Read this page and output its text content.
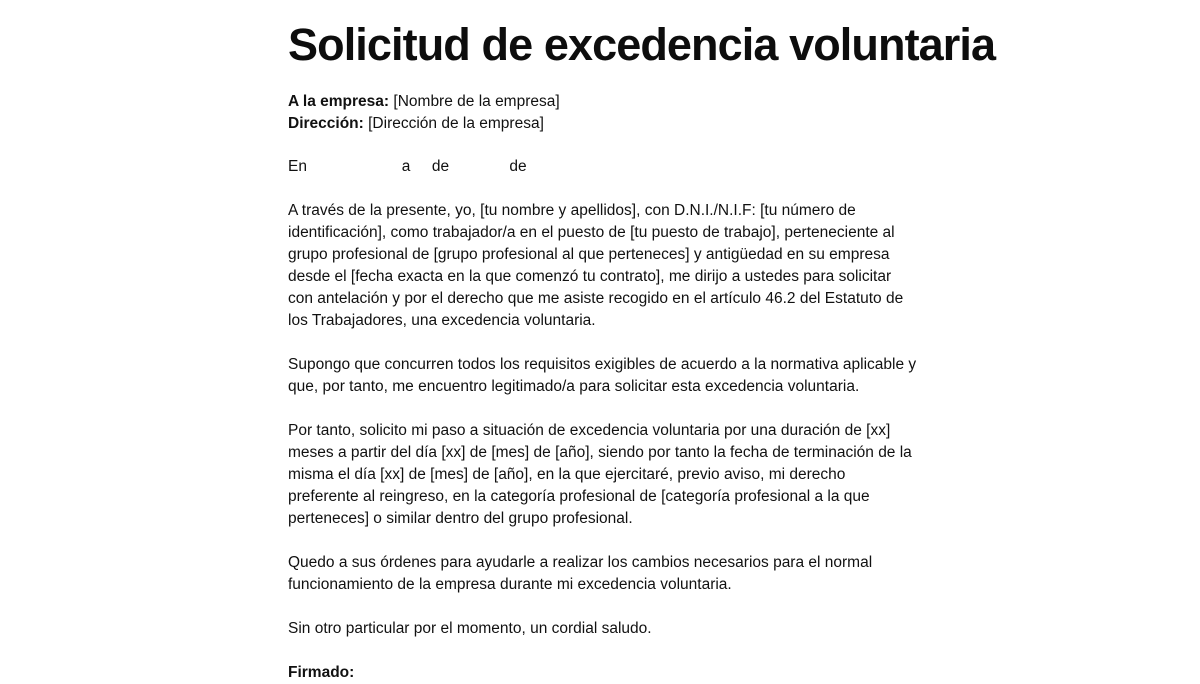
Solicitud de excedencia voluntaria
A la empresa: [Nombre de la empresa]
Dirección: [Dirección de la empresa]
En                      a     de              de

A través de la presente, yo, [tu nombre y apellidos], con D.N.I./N.I.F: [tu número de identificación], como trabajador/a en el puesto de [tu puesto de trabajo], perteneciente al grupo profesional de [grupo profesional al que perteneces] y antigüedad en su empresa desde el [fecha exacta en la que comenzó tu contrato], me dirijo a ustedes para solicitar con antelación y por el derecho que me asiste recogido en el artículo 46.2 del Estatuto de los Trabajadores, una excedencia voluntaria.

Supongo que concurren todos los requisitos exigibles de acuerdo a la normativa aplicable y que, por tanto, me encuentro legitimado/a para solicitar esta excedencia voluntaria.

Por tanto, solicito mi paso a situación de excedencia voluntaria por una duración de [xx] meses a partir del día [xx] de [mes] de [año], siendo por tanto la fecha de terminación de la misma el día [xx] de [mes] de [año], en la que ejercitaré, previo aviso, mi derecho preferente al reingreso, en la categoría profesional de [categoría profesional a la que perteneces] o similar dentro del grupo profesional.

Quedo a sus órdenes para ayudarle a realizar los cambios necesarios para el normal funcionamiento de la empresa durante mi excedencia voluntaria.

Sin otro particular por el momento, un cordial saludo.

Firmado:
